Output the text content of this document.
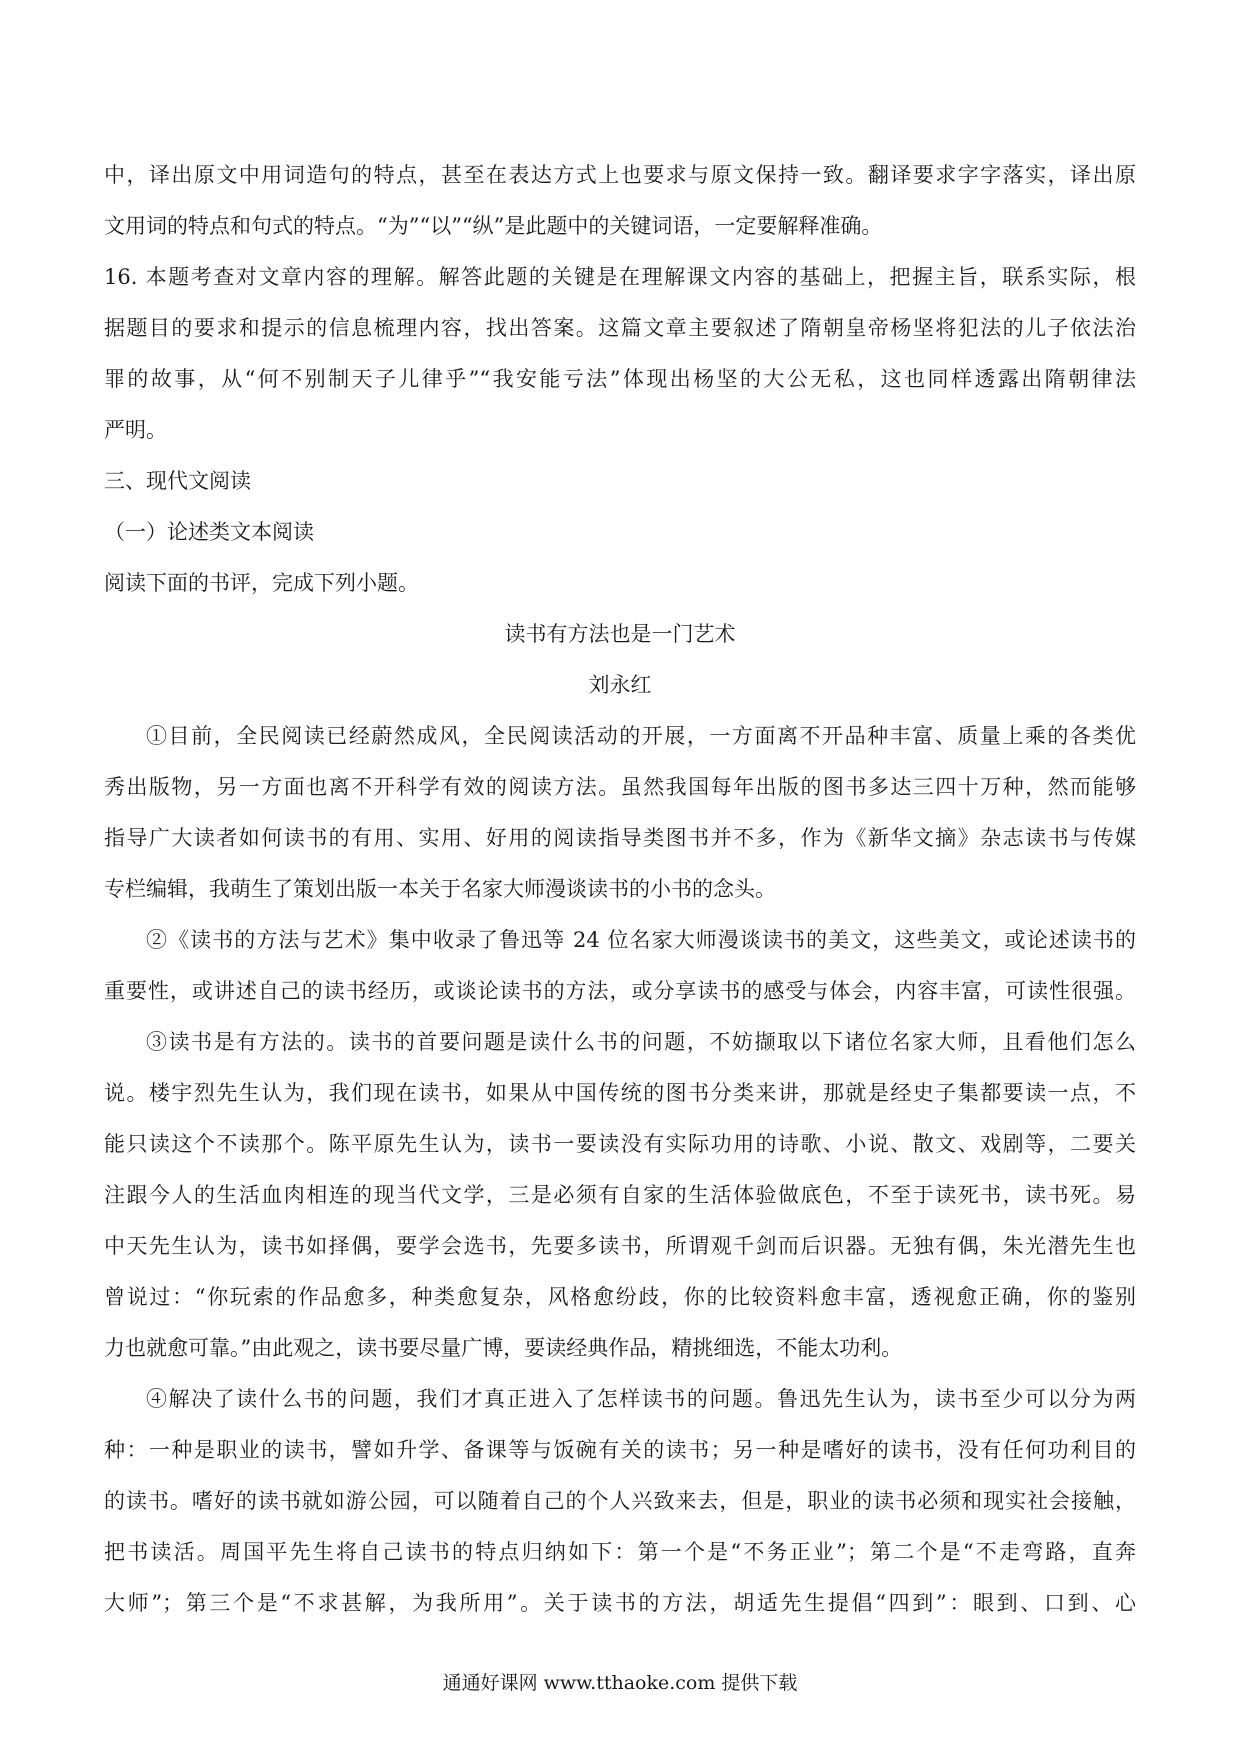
中，译出原文中用词造句的特点，甚至在表达方式上也要求与原文保持一致。翻译要求字字落实，译出原

文用词的特点和句式的特点。“为”“以”“纵”是此题中的关键词语，一定要解释准确。

16. 本题考查对文章内容的理解。解答此题的关键是在理解课文内容的基础上，把握主旨，联系实际，根

据题目的要求和提示的信息梳理内容，找出答案。这篇文章主要叙述了隋朝皇帝杨坚将犯法的儿子依法治

罪的故事，从“何不别制天子儿律乎”“我安能亏法”体现出杨坚的大公无私，这也同样透露出隋朝律法

严明。

三、现代文阅读

（一）论述类文本阅读

阅读下面的书评，完成下列小题。

读书有方法也是一门艺术

刘永红

①目前，全民阅读已经蔚然成风，全民阅读活动的开展，一方面离不开品种丰富、质量上乘的各类优

秀出版物，另一方面也离不开科学有效的阅读方法。虽然我国每年出版的图书多达三四十万种，然而能够

指导广大读者如何读书的有用、实用、好用的阅读指导类图书并不多，作为《新华文摘》杂志读书与传媒

专栏编辑，我萌生了策划出版一本关于名家大师漫谈读书的小书的念头。

②《读书的方法与艺术》集中收录了鲁迅等 24 位名家大师漫谈读书的美文，这些美文，或论述读书的

重要性，或讲述自己的读书经历，或谈论读书的方法，或分享读书的感受与体会，内容丰富，可读性很强。

③读书是有方法的。读书的首要问题是读什么书的问题，不妨撷取以下诸位名家大师，且看他们怎么

说。楼宇烈先生认为，我们现在读书，如果从中国传统的图书分类来讲，那就是经史子集都要读一点，不

能只读这个不读那个。陈平原先生认为，读书一要读没有实际功用的诗歌、小说、散文、戏剧等，二要关

注跟今人的生活血肉相连的现当代文学，三是必须有自家的生活体验做底色，不至于读死书，读书死。易

中天先生认为，读书如择偶，要学会选书，先要多读书，所谓观千剑而后识器。无独有偶，朱光潜先生也

曾说过：“你玩索的作品愈多，种类愈复杂，风格愈纷歧，你的比较资料愈丰富，透视愈正确，你的鉴别

力也就愈可靠。”由此观之，读书要尽量广博，要读经典作品，精挑细选，不能太功利。

④解决了读什么书的问题，我们才真正进入了怎样读书的问题。鲁迅先生认为，读书至少可以分为两

种：一种是职业的读书，譬如升学、备课等与饭碗有关的读书；另一种是嗜好的读书，没有任何功利目的

的读书。嗜好的读书就如游公园，可以随着自己的个人兴致来去，但是，职业的读书必须和现实社会接触，

把书读活。周国平先生将自己读书的特点归纳如下：第一个是“不务正业”；第二个是“不走弯路，直奔

大师”；第三个是“不求甚解，为我所用”。关于读书的方法，胡适先生提倡“四到”：眼到、口到、心

通通好课网 www.tthaoke.com 提供下载
